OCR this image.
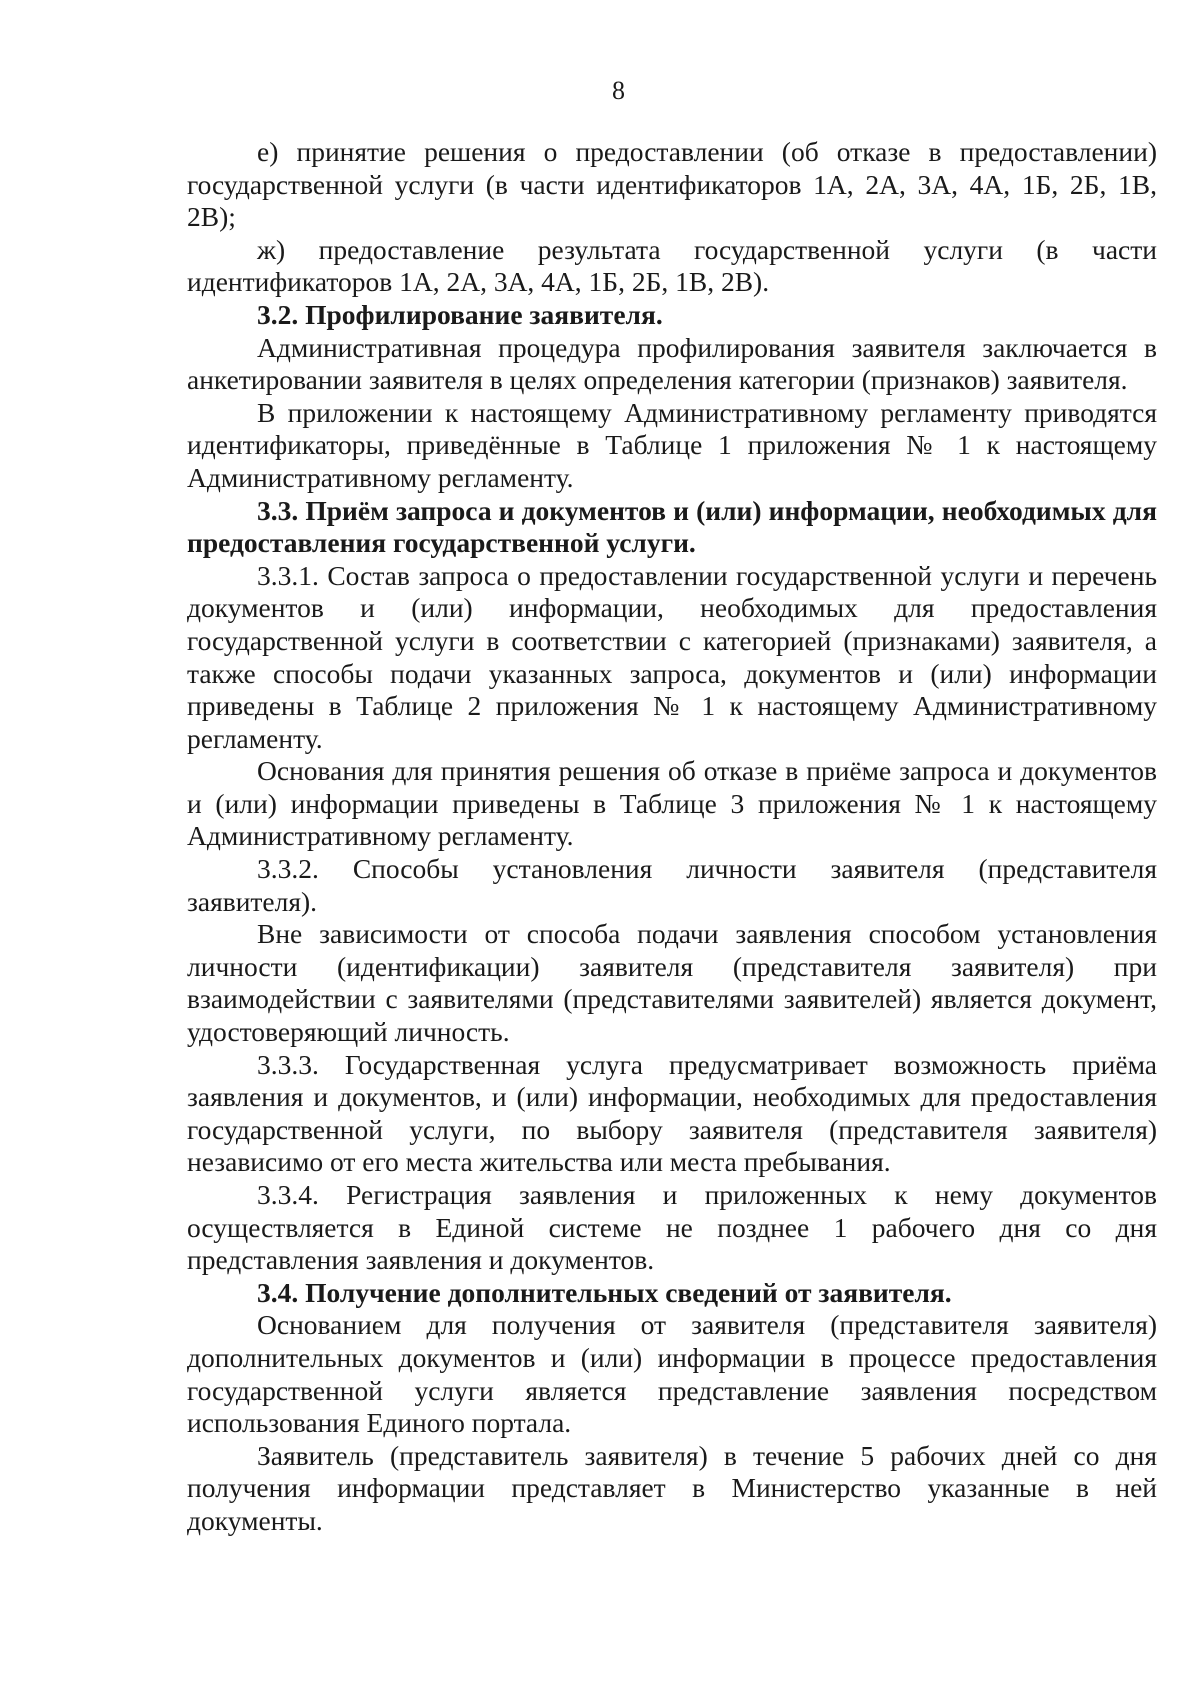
8

е) принятие решения о предоставлении (об отказе в предоставлении) государственной услуги (в части идентификаторов 1А, 2А, 3А, 4А, 1Б, 2Б, 1В, 2В);

ж) предоставление результата государственной услуги (в части идентификаторов 1А, 2А, 3А, 4А, 1Б, 2Б, 1В, 2В).

3.2. Профилирование заявителя.

Административная процедура профилирования заявителя заключается в анкетировании заявителя в целях определения категории (признаков) заявителя.

В приложении к настоящему Административному регламенту приводятся идентификаторы, приведённые в Таблице 1 приложения № 1 к настоящему Административному регламенту.

3.3. Приём запроса и документов и (или) информации, необходимых для предоставления государственной услуги.

3.3.1. Состав запроса о предоставлении государственной услуги и перечень документов и (или) информации, необходимых для предоставления государственной услуги в соответствии с категорией (признаками) заявителя, а также способы подачи указанных запроса, документов и (или) информации приведены в Таблице 2 приложения № 1 к настоящему Административному регламенту.

Основания для принятия решения об отказе в приёме запроса и документов и (или) информации приведены в Таблице 3 приложения № 1 к настоящему Административному регламенту.

3.3.2. Способы установления личности заявителя (представителя заявителя).

Вне зависимости от способа подачи заявления способом установления личности (идентификации) заявителя (представителя заявителя) при взаимодействии с заявителями (представителями заявителей) является документ, удостоверяющий личность.

3.3.3. Государственная услуга предусматривает возможность приёма заявления и документов, и (или) информации, необходимых для предоставления государственной услуги, по выбору заявителя (представителя заявителя) независимо от его места жительства или места пребывания.

3.3.4. Регистрация заявления и приложенных к нему документов осуществляется в Единой системе не позднее 1 рабочего дня со дня представления заявления и документов.

3.4. Получение дополнительных сведений от заявителя.

Основанием для получения от заявителя (представителя заявителя) дополнительных документов и (или) информации в процессе предоставления государственной услуги является представление заявления посредством использования Единого портала.

Заявитель (представитель заявителя) в течение 5 рабочих дней со дня получения информации представляет в Министерство указанные в ней документы.
